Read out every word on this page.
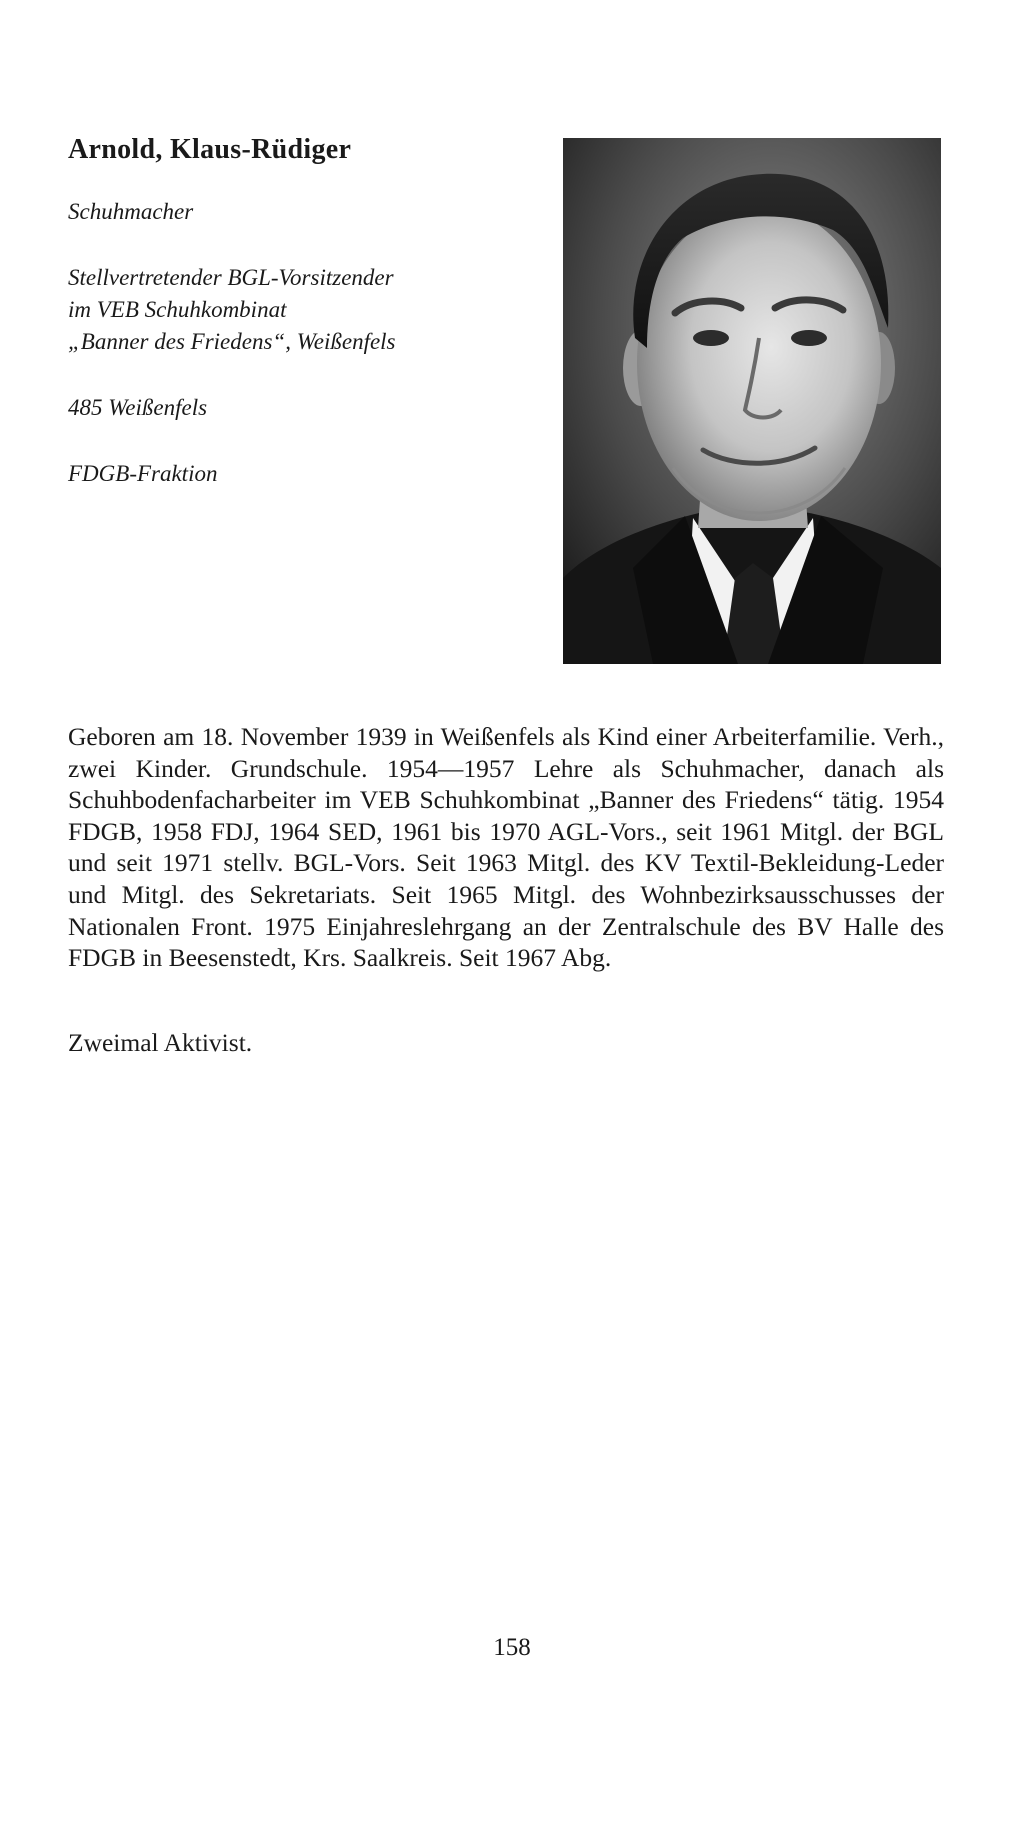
Arnold, Klaus-Rüdiger

Schuhmacher

Stellvertretender BGL-Vorsitzender

im VEB Schuhkombinat

„Banner des Friedens“, Weißenfels

485 Weißenfels

FDGB-Fraktion

Geboren am 18. November 1939 in Weißenfels als Kind einer Arbeiterfamilie. Verh., zwei Kinder. Grundschule. 1954—1957 Lehre als Schuhmacher, danach als Schuhbodenfacharbeiter im VEB Schuhkombinat „Banner des Friedens“ tätig. 1954 FDGB, 1958 FDJ, 1964 SED, 1961 bis 1970 AGL-Vors., seit 1961 Mitgl. der BGL und seit 1971 stellv. BGL-Vors. Seit 1963 Mitgl. des KV Textil-Bekleidung-Leder und Mitgl. des Sekretariats. Seit 1965 Mitgl. des Wohnbezirksausschusses der Nationalen Front. 1975 Einjahreslehrgang an der Zentralschule des BV Halle des FDGB in Beesenstedt, Krs. Saalkreis. Seit 1967 Abg.

Zweimal Aktivist.

158
